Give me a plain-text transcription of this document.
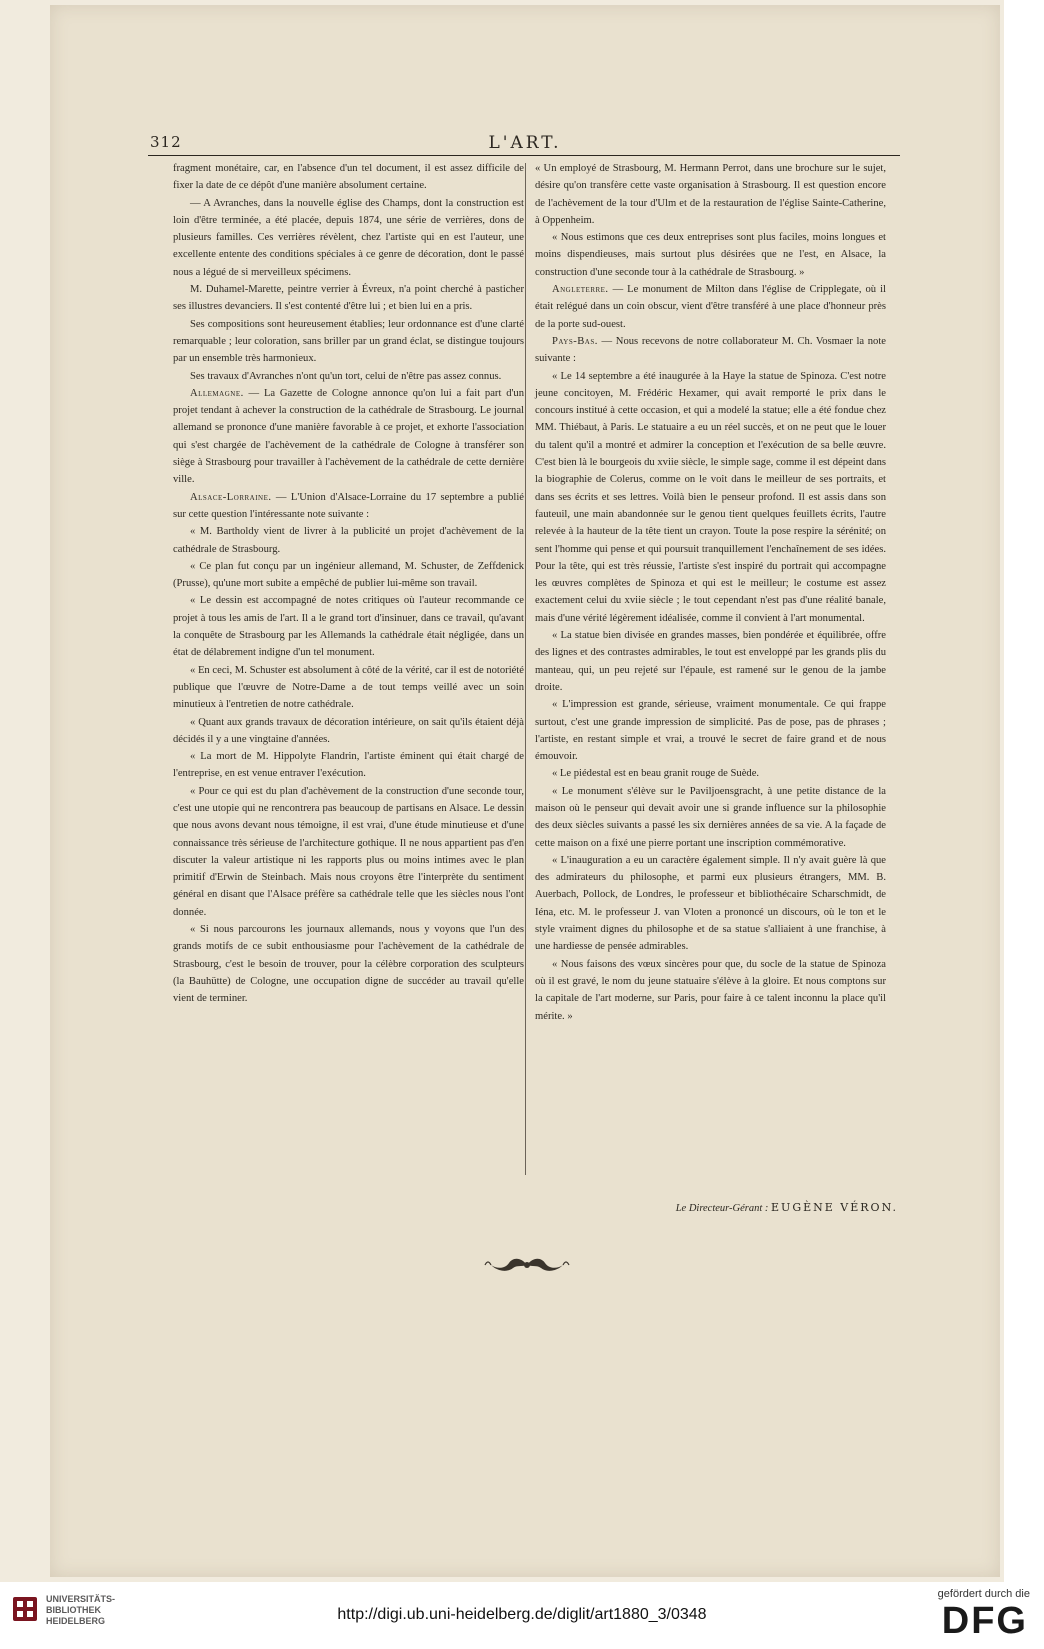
312	L'ART.

fragment monétaire, car, en l'absence d'un tel document, il est assez difficile de fixer la date de ce dépôt d'une manière absolument certaine.

— A Avranches, dans la nouvelle église des Champs, dont la construction est loin d'être terminée, a été placée, depuis 1874, une série de verrières, dons de plusieurs familles. Ces verrières révèlent, chez l'artiste qui en est l'auteur, une excellente entente des conditions spéciales à ce genre de décoration, dont le passé nous a légué de si merveilleux spécimens.

M. Duhamel-Marette, peintre verrier à Évreux, n'a point cherché à pasticher ses illustres devanciers. Il s'est contenté d'être lui ; et bien lui en a pris.

Ses compositions sont heureusement établies; leur ordonnance est d'une clarté remarquable ; leur coloration, sans briller par un grand éclat, se distingue toujours par un ensemble très harmonieux.

Ses travaux d'Avranches n'ont qu'un tort, celui de n'être pas assez connus.

Allemagne. — La Gazette de Cologne annonce qu'on lui a fait part d'un projet tendant à achever la construction de la cathédrale de Strasbourg. Le journal allemand se prononce d'une manière favorable à ce projet, et exhorte l'association qui s'est chargée de l'achèvement de la cathédrale de Cologne à transférer son siège à Strasbourg pour travailler à l'achèvement de la cathédrale de cette dernière ville.

Alsace-Lorraine. — L'Union d'Alsace-Lorraine du 17 septembre a publié sur cette question l'intéressante note suivante :

« M. Bartholdy vient de livrer à la publicité un projet d'achèvement de la cathédrale de Strasbourg.

« Ce plan fut conçu par un ingénieur allemand, M. Schuster, de Zeffdenick (Prusse), qu'une mort subite a empêché de publier lui-même son travail.

« Le dessin est accompagné de notes critiques où l'auteur recommande ce projet à tous les amis de l'art. Il a le grand tort d'insinuer, dans ce travail, qu'avant la conquête de Strasbourg par les Allemands la cathédrale était négligée, dans un état de délabrement indigne d'un tel monument.

« En ceci, M. Schuster est absolument à côté de la vérité, car il est de notoriété publique que l'œuvre de Notre-Dame a de tout temps veillé avec un soin minutieux à l'entretien de notre cathédrale.

« Quant aux grands travaux de décoration intérieure, on sait qu'ils étaient déjà décidés il y a une vingtaine d'années.

« La mort de M. Hippolyte Flandrin, l'artiste éminent qui était chargé de l'entreprise, en est venue entraver l'exécution.

« Pour ce qui est du plan d'achèvement de la construction d'une seconde tour, c'est une utopie qui ne rencontrera pas beaucoup de partisans en Alsace. Le dessin que nous avons devant nous témoigne, il est vrai, d'une étude minutieuse et d'une connaissance très sérieuse de l'architecture gothique. Il ne nous appartient pas d'en discuter la valeur artistique ni les rapports plus ou moins intimes avec le plan primitif d'Erwin de Steinbach. Mais nous croyons être l'interprète du sentiment général en disant que l'Alsace préfère sa cathédrale telle que les siècles nous l'ont donnée.

« Si nous parcourons les journaux allemands, nous y voyons que l'un des grands motifs de ce subit enthousiasme pour l'achèvement de la cathédrale de Strasbourg, c'est le besoin de trouver, pour la célèbre corporation des sculpteurs (la Bauhütte) de Cologne, une occupation digne de succéder au travail qu'elle vient de terminer.

« Un employé de Strasbourg, M. Hermann Perrot, dans une brochure sur le sujet, désire qu'on transfère cette vaste organisation à Strasbourg. Il est question encore de l'achèvement de la tour d'Ulm et de la restauration de l'église Sainte-Catherine, à Oppenheim.

« Nous estimons que ces deux entreprises sont plus faciles, moins longues et moins dispendieuses, mais surtout plus désirées que ne l'est, en Alsace, la construction d'une seconde tour à la cathédrale de Strasbourg. »

Angleterre. — Le monument de Milton dans l'église de Cripplegate, où il était relégué dans un coin obscur, vient d'être transféré à une place d'honneur près de la porte sud-ouest.

Pays-Bas. — Nous recevons de notre collaborateur M. Ch. Vosmaer la note suivante :

« Le 14 septembre a été inaugurée à la Haye la statue de Spinoza. C'est notre jeune concitoyen, M. Frédéric Hexamer, qui avait remporté le prix dans le concours institué à cette occasion, et qui a modelé la statue; elle a été fondue chez MM. Thiébaut, à Paris. Le statuaire a eu un réel succès, et on ne peut que le louer du talent qu'il a montré et admirer la conception et l'exécution de sa belle œuvre. C'est bien là le bourgeois du xviie siècle, le simple sage, comme il est dépeint dans la biographie de Colerus, comme on le voit dans le meilleur de ses portraits, et dans ses écrits et ses lettres. Voilà bien le penseur profond. Il est assis dans son fauteuil, une main abandonnée sur le genou tient quelques feuillets écrits, l'autre relevée à la hauteur de la tête tient un crayon. Toute la pose respire la sérénité; on sent l'homme qui pense et qui poursuit tranquillement l'enchaînement de ses idées. Pour la tête, qui est très réussie, l'artiste s'est inspiré du portrait qui accompagne les œuvres complètes de Spinoza et qui est le meilleur; le costume est assez exactement celui du xviie siècle ; le tout cependant n'est pas d'une réalité banale, mais d'une vérité légèrement idéalisée, comme il convient à l'art monumental.

« La statue bien divisée en grandes masses, bien pondérée et équilibrée, offre des lignes et des contrastes admirables, le tout est enveloppé par les grands plis du manteau, qui, un peu rejeté sur l'épaule, est ramené sur le genou de la jambe droite.

« L'impression est grande, sérieuse, vraiment monumentale. Ce qui frappe surtout, c'est une grande impression de simplicité. Pas de pose, pas de phrases ; l'artiste, en restant simple et vrai, a trouvé le secret de faire grand et de nous émouvoir.

« Le piédestal est en beau granit rouge de Suède.

« Le monument s'élève sur le Paviljoensgracht, à une petite distance de la maison où le penseur qui devait avoir une si grande influence sur la philosophie des deux siècles suivants a passé les six dernières années de sa vie. A la façade de cette maison on a fixé une pierre portant une inscription commémorative.

« L'inauguration a eu un caractère également simple. Il n'y avait guère là que des admirateurs du philosophe, et parmi eux plusieurs étrangers, MM. B. Auerbach, Pollock, de Londres, le professeur et bibliothécaire Scharschmidt, de Iéna, etc. M. le professeur J. van Vloten a prononcé un discours, où le ton et le style vraiment dignes du philosophe et de sa statue s'alliaient à une franchise, à une hardiesse de pensée admirables.

« Nous faisons des vœux sincères pour que, du socle de la statue de Spinoza où il est gravé, le nom du jeune statuaire s'élève à la gloire. Et nous comptons sur la capitale de l'art moderne, sur Paris, pour faire à ce talent inconnu la place qu'il mérite. »

Le Directeur-Gérant : EUGÈNE VÉRON.
UNIVERSITÄTS-
BIBLIOTHEK
HEIDELBERG	http://digi.ub.uni-heidelberg.de/diglit/art1880_3/0348
gefördert durch die
DFG
